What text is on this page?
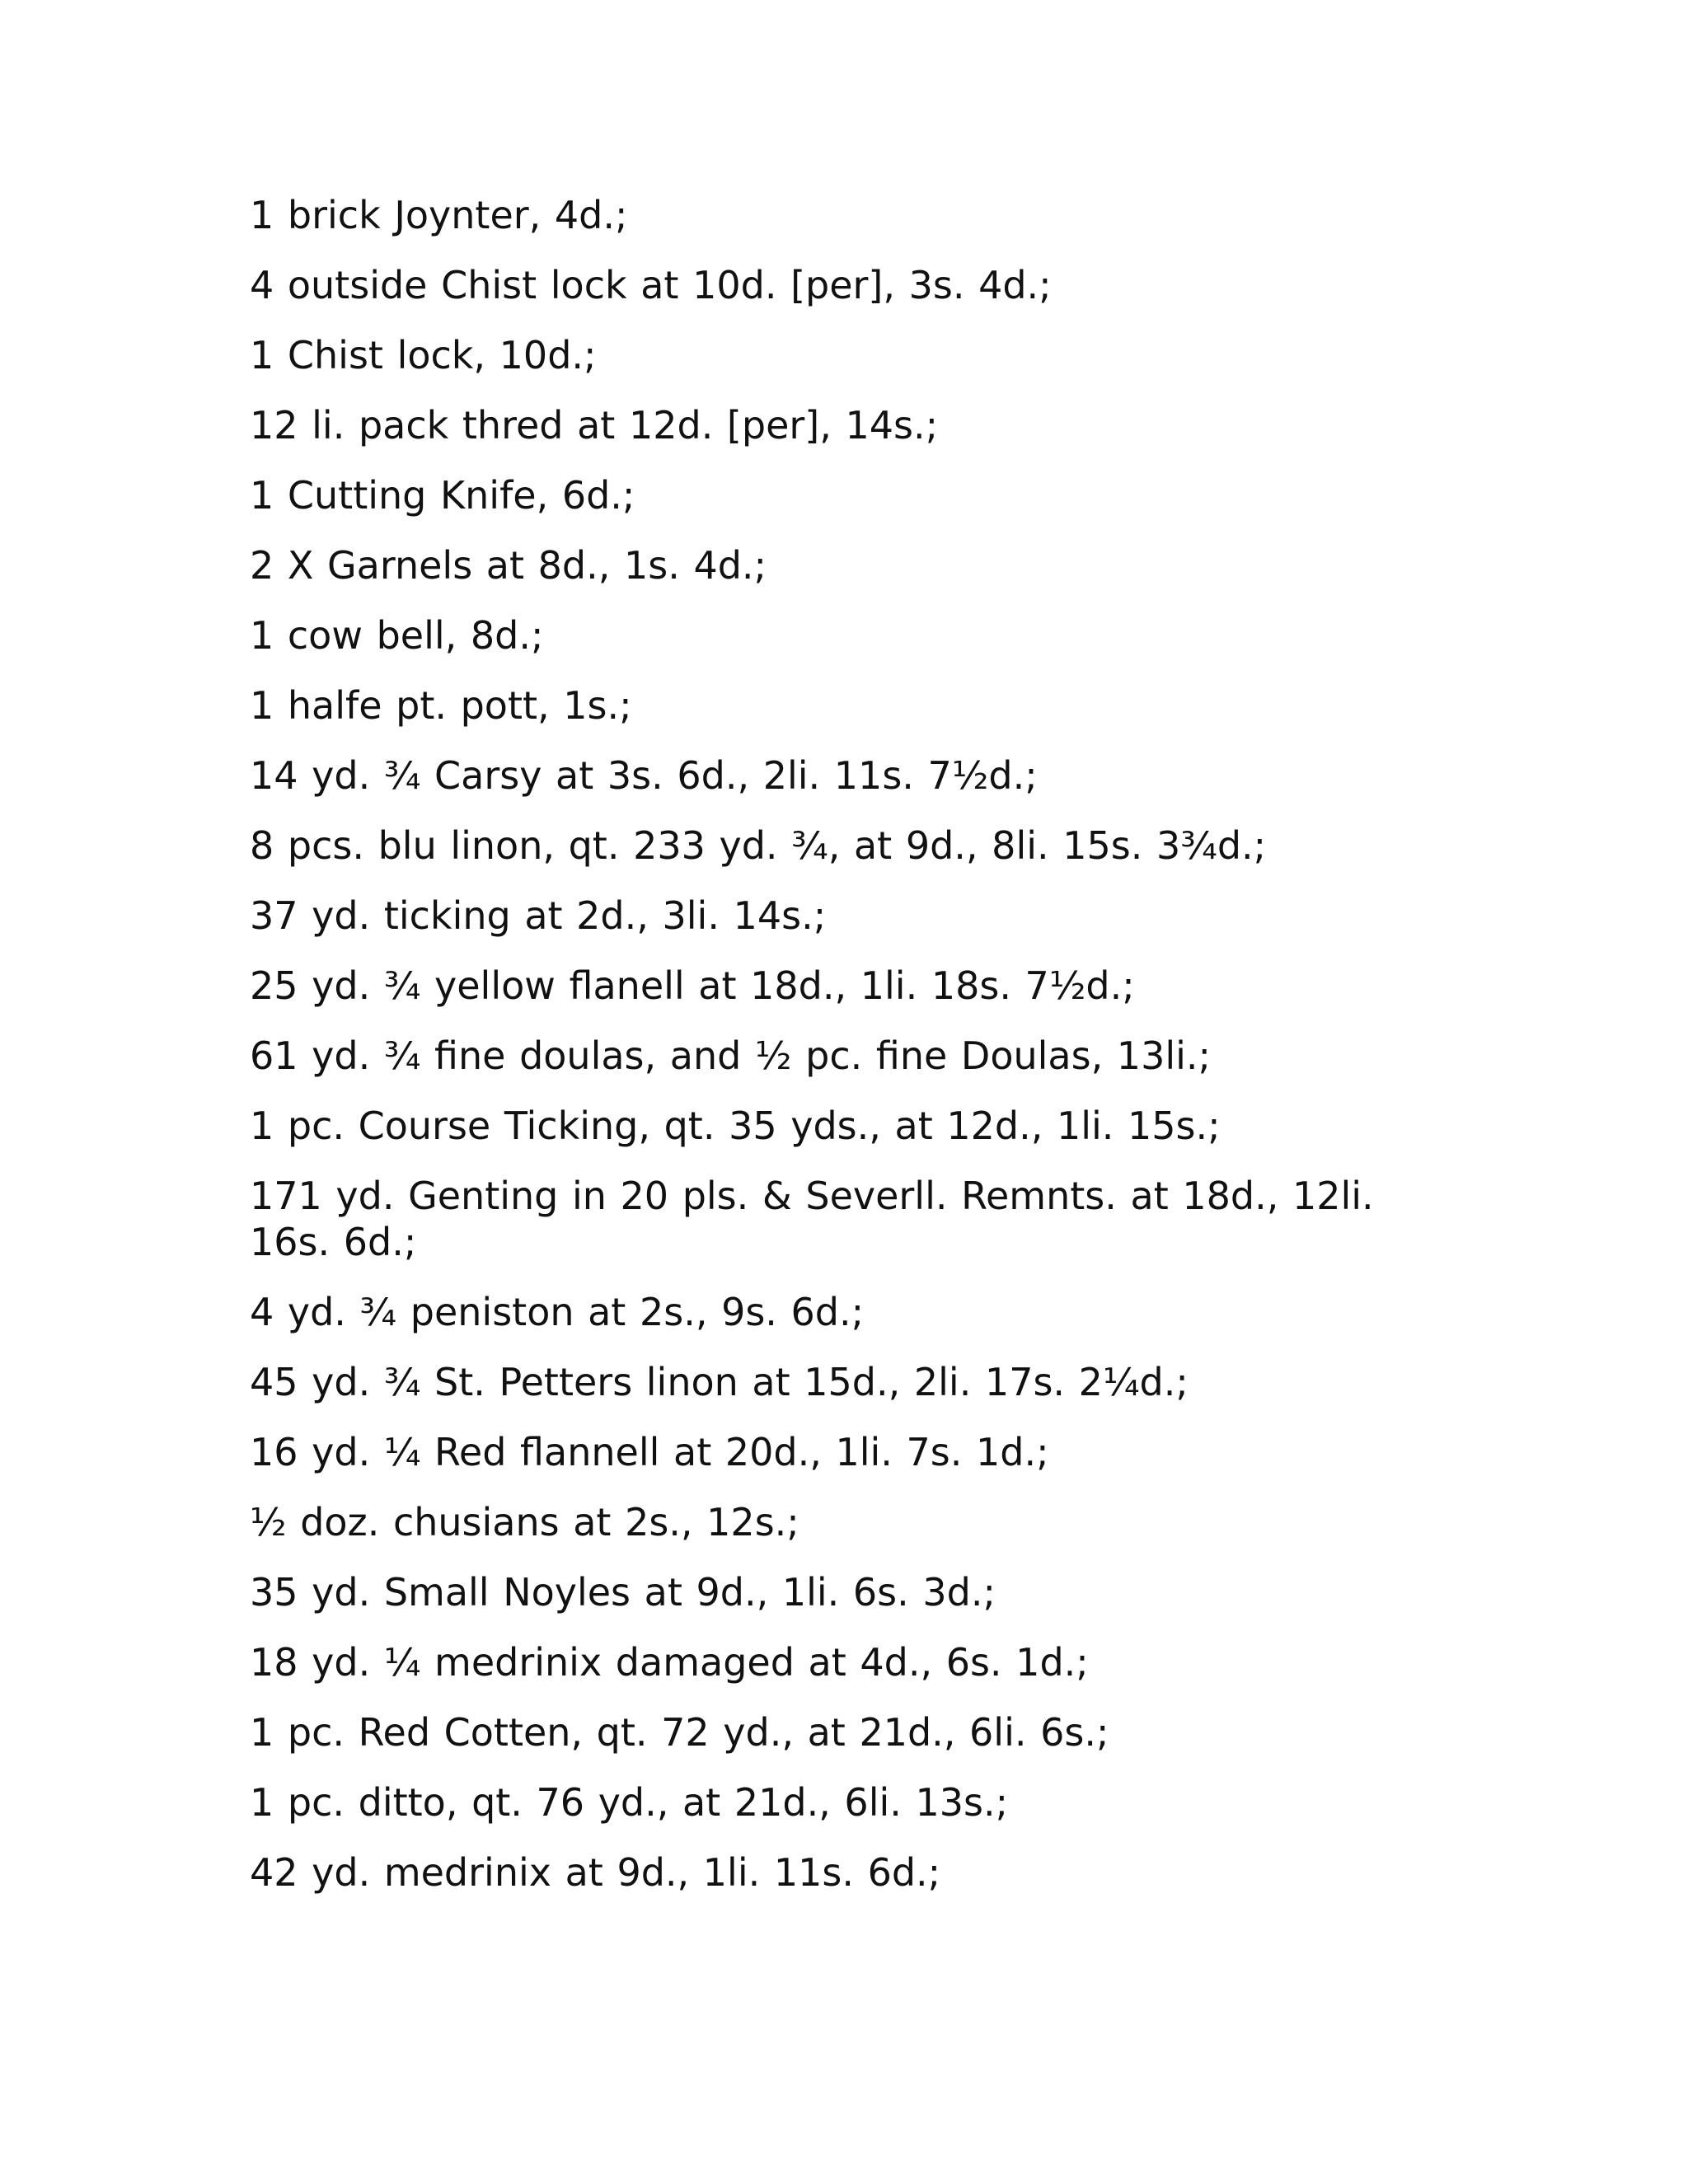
1 brick Joynter, 4d.;
4 outside Chist lock at 10d. [per], 3s. 4d.;
1 Chist lock, 10d.;
12 li. pack thred at 12d. [per], 14s.;
1 Cutting Knife, 6d.;
2 X Garnels at 8d., 1s. 4d.;
1 cow bell, 8d.;
1 halfe pt. pott, 1s.;
14 yd. ¾ Carsy at 3s. 6d., 2li. 11s. 7½d.;
8 pcs. blu linon, qt. 233 yd. ¾, at 9d., 8li. 15s. 3¾d.;
37 yd. ticking at 2d., 3li. 14s.;
25 yd. ¾ yellow flanell at 18d., 1li. 18s. 7½d.;
61 yd. ¾ fine doulas, and ½ pc. fine Doulas, 13li.;
1 pc. Course Ticking, qt. 35 yds., at 12d., 1li. 15s.;
171 yd. Genting in 20 pls. & Severll. Remnts. at 18d., 12li. 16s. 6d.;
4 yd. ¾ peniston at 2s., 9s. 6d.;
45 yd. ¾ St. Petters linon at 15d., 2li. 17s. 2¼d.;
16 yd. ¼ Red flannell at 20d., 1li. 7s. 1d.;
½ doz. chusians at 2s., 12s.;
35 yd. Small Noyles at 9d., 1li. 6s. 3d.;
18 yd. ¼ medrinix damaged at 4d., 6s. 1d.;
1 pc. Red Cotten, qt. 72 yd., at 21d., 6li. 6s.;
1 pc. ditto, qt. 76 yd., at 21d., 6li. 13s.;
42 yd. medrinix at 9d., 1li. 11s. 6d.;
